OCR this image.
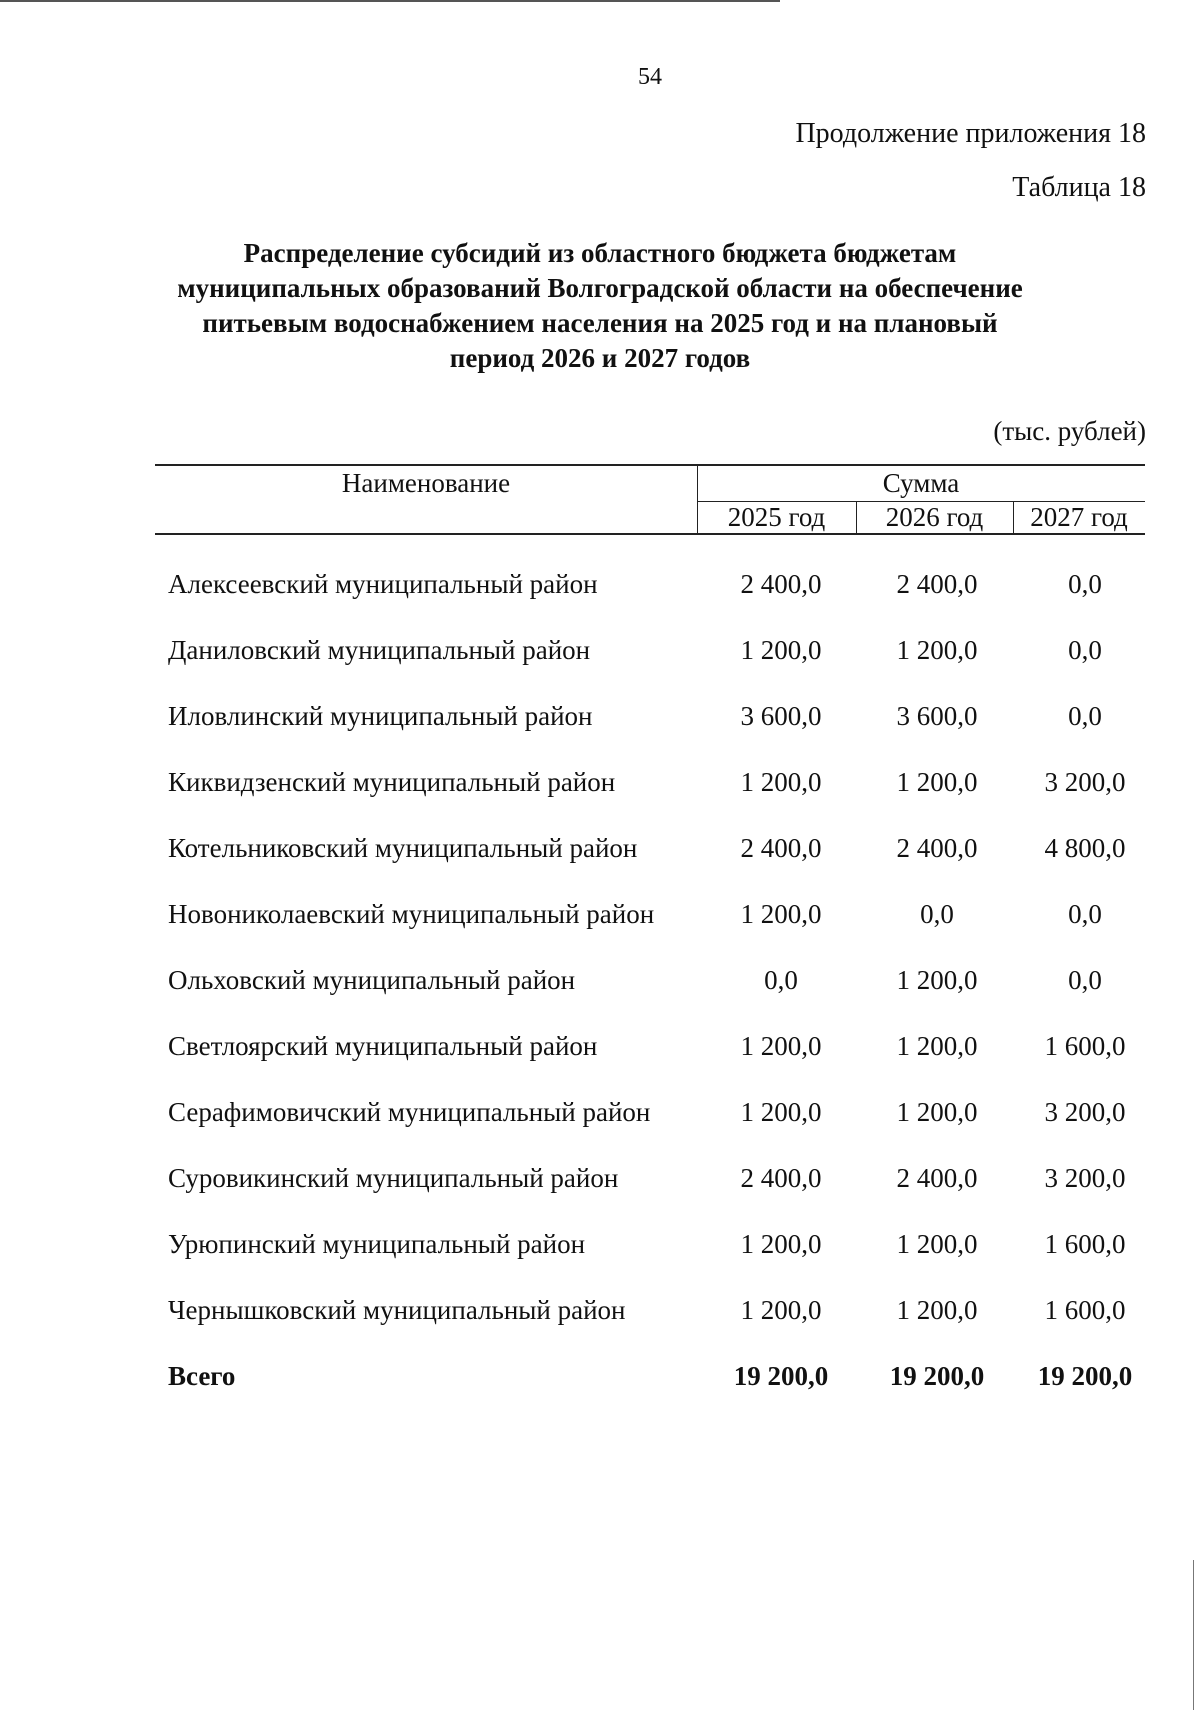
54
Продолжение приложения 18
Таблица 18
Распределение субсидий из областного бюджета бюджетам
муниципальных образований Волгоградской области на обеспечение
питьевым водоснабжением населения на 2025 год и на плановый
период 2026 и 2027 годов
(тыс. рублей)
Наименование	Сумма
2025 год	2026 год	2027 год
Алексеевский муниципальный район	2 400,0	2 400,0	0,0
Даниловский муниципальный район	1 200,0	1 200,0	0,0
Иловлинский муниципальный район	3 600,0	3 600,0	0,0
Киквидзенский муниципальный район	1 200,0	1 200,0	3 200,0
Котельниковский муниципальный район	2 400,0	2 400,0	4 800,0
Новониколаевский муниципальный район	1 200,0	0,0	0,0
Ольховский муниципальный район	0,0	1 200,0	0,0
Светлоярский муниципальный район	1 200,0	1 200,0	1 600,0
Серафимовичский муниципальный район	1 200,0	1 200,0	3 200,0
Суровикинский муниципальный район	2 400,0	2 400,0	3 200,0
Урюпинский муниципальный район	1 200,0	1 200,0	1 600,0
Чернышковский муниципальный район	1 200,0	1 200,0	1 600,0
Всего	19 200,0	19 200,0	19 200,0
